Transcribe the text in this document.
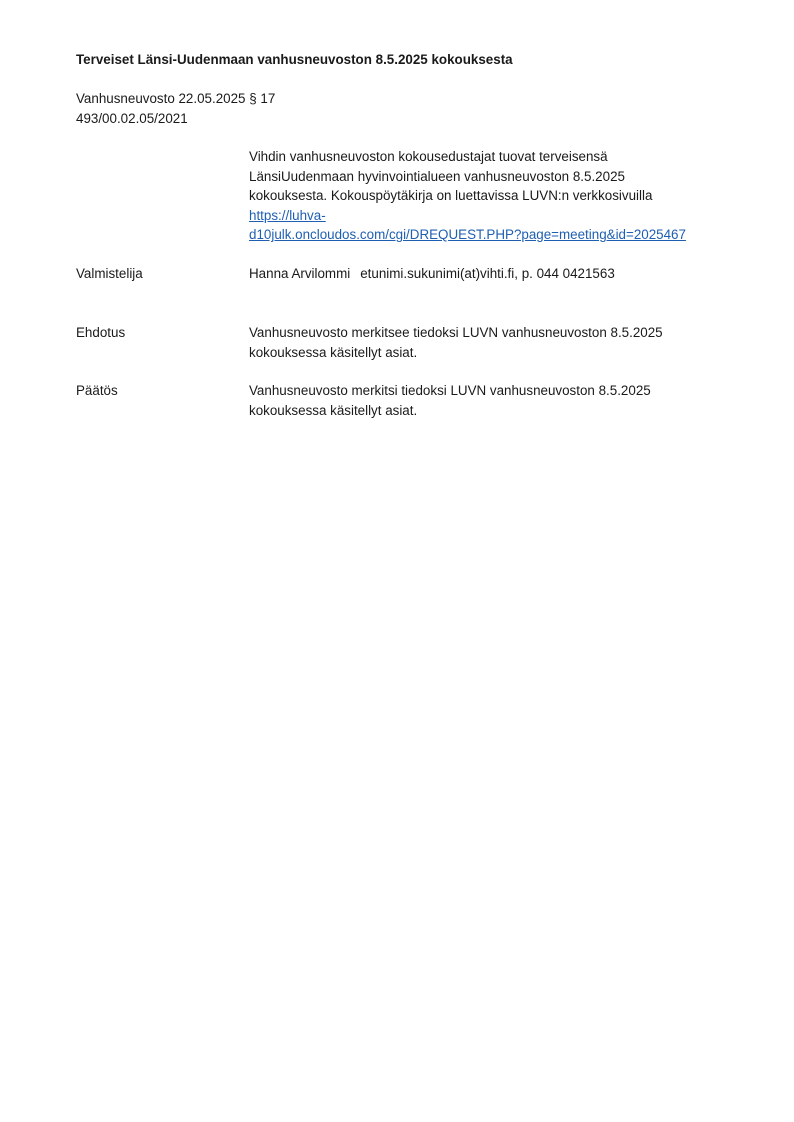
Terveiset Länsi-Uudenmaan vanhusneuvoston 8.5.2025 kokouksesta
Vanhusneuvosto 22.05.2025 § 17
493/00.02.05/2021
Vihdin vanhusneuvoston kokousedustajat tuovat terveisensä
LänsiUudenmaan hyvinvointialueen vanhusneuvoston 8.5.2025
kokouksesta. Kokouspöytäkirja on luettavissa LUVN:n verkkosivuilla
https://luhva-
d10julk.oncloudos.com/cgi/DREQUEST.PHP?page=meeting&id=2025467
Valmistelija	Hanna Arvilommi etunimi.sukunimi(at)vihti.fi, p. 044 0421563
Ehdotus	Vanhusneuvosto merkitsee tiedoksi LUVN vanhusneuvoston 8.5.2025
kokouksessa käsitellyt asiat.
Päätös	Vanhusneuvosto merkitsi tiedoksi LUVN vanhusneuvoston 8.5.2025
kokouksessa käsitellyt asiat.
